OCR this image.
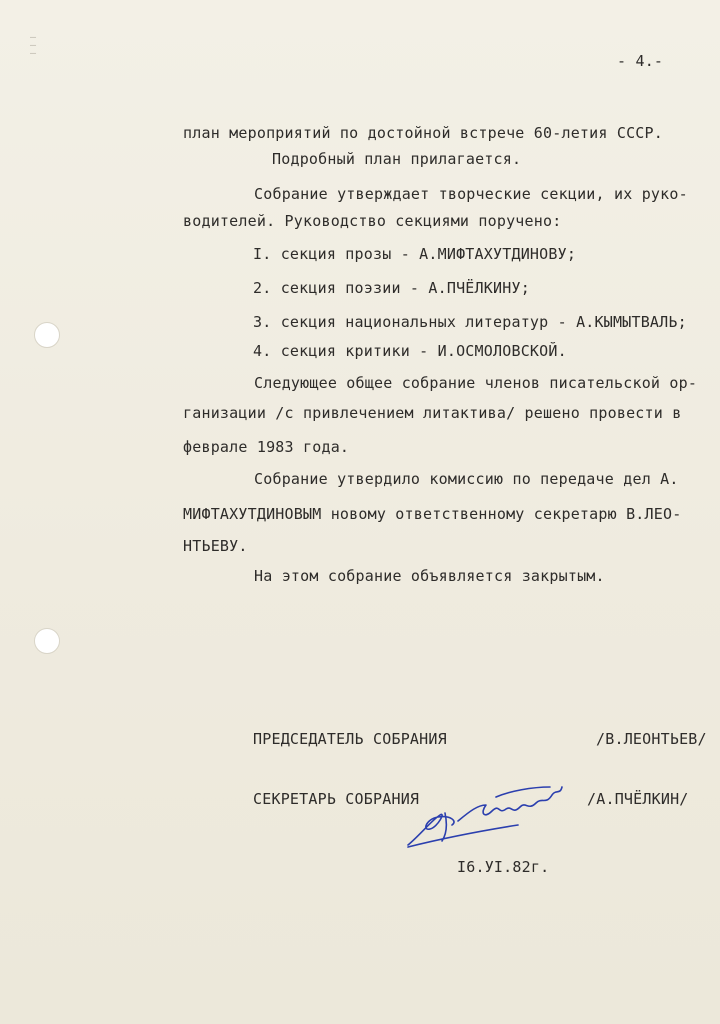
—
—
—	- 4.-
план мероприятий по достойной встрече 60-летия СССР.
Подробный план прилагается.
Собрание утверждает творческие секции, их руко-
водителей. Руководство секциями поручено:
I. секция прозы - А.МИФТАХУТДИНОВУ;
2. секция поэзии - А.ПЧЁЛКИНУ;
3. секция национальных литератур - А.КЫМЫТВАЛЬ;
4. секция критики - И.ОСМОЛОВСКОЙ.
Следующее общее собрание членов писательской ор-
ганизации /с привлечением литактива/ решено провести в
феврале 1983 года.
Собрание утвердило комиссию по передаче дел А.
МИФТАХУТДИНОВЫМ новому ответственному секретарю В.ЛЕО-
НТЬЕВУ.
На этом собрание объявляется закрытым.
ПРЕДСЕДАТЕЛЬ СОБРАНИЯ	/В.ЛЕОНТЬЕВ/
СЕКРЕТАРЬ СОБРАНИЯ	/А.ПЧЁЛКИН/
I6.УI.82г.
